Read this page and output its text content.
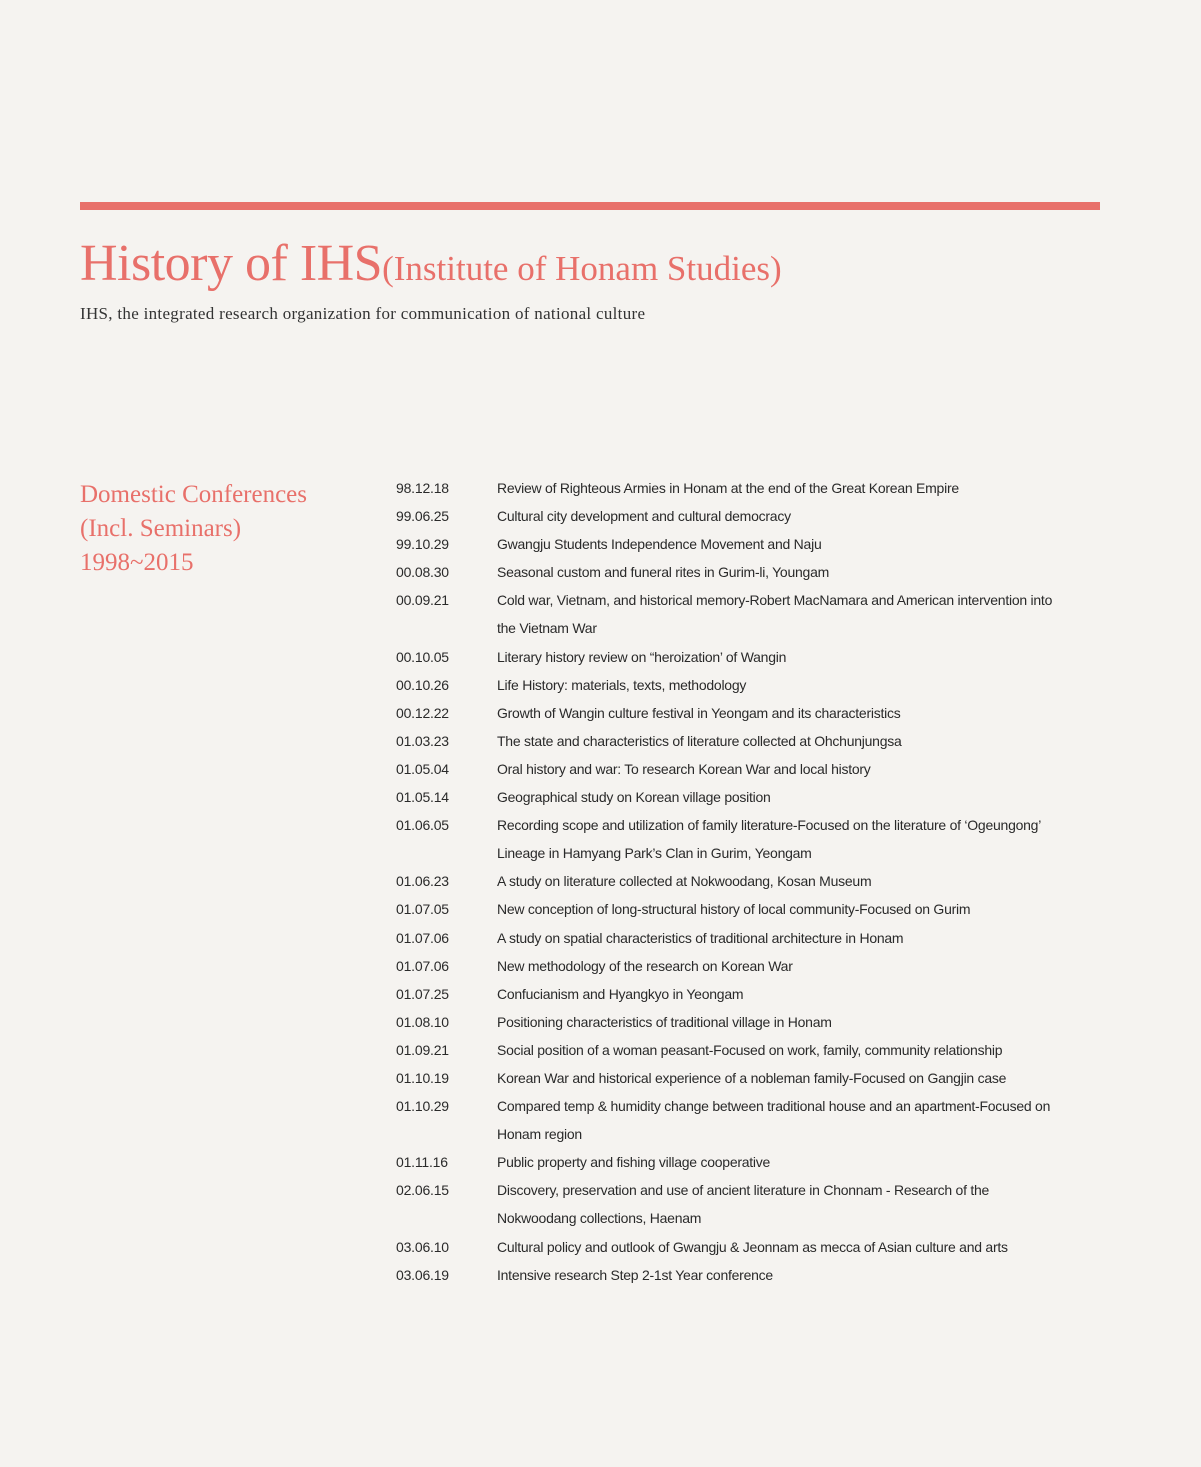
History of IHS(Institute of Honam Studies)

IHS, the integrated research organization for communication of national culture

Domestic Conferences
(Incl. Seminars)
1998~2015
98.12.18	Review of Righteous Armies in Honam at the end of the Great Korean Empire
99.06.25	Cultural city development and cultural democracy
99.10.29	Gwangju Students Independence Movement and Naju
00.08.30	Seasonal custom and funeral rites in Gurim-li, Youngam
00.09.21	Cold war, Vietnam, and historical memory-Robert MacNamara and American intervention into the Vietnam War
00.10.05	Literary history review on “heroization’ of Wangin
00.10.26	Life History: materials, texts, methodology
00.12.22	Growth of Wangin culture festival in Yeongam and its characteristics
01.03.23	The state and characteristics of literature collected at Ohchunjungsa
01.05.04	Oral history and war: To research Korean War and local history
01.05.14	Geographical study on Korean village position
01.06.05	Recording scope and utilization of family literature-Focused on the literature of ‘Ogeungong’ Lineage in Hamyang Park’s Clan in Gurim, Yeongam
01.06.23	A study on literature collected at Nokwoodang, Kosan Museum
01.07.05	New conception of long-structural history of local community-Focused on Gurim
01.07.06	A study on spatial characteristics of traditional architecture in Honam
01.07.06	New methodology of the research on Korean War
01.07.25	Confucianism and Hyangkyo in Yeongam
01.08.10	Positioning characteristics of traditional village in Honam
01.09.21	Social position of a woman peasant-Focused on work, family, community relationship
01.10.19	Korean War and historical experience of a nobleman family-Focused on Gangjin case
01.10.29	Compared temp & humidity change between traditional house and an apartment-Focused on Honam region
01.11.16	Public property and fishing village cooperative
02.06.15	Discovery, preservation and use of ancient literature in Chonnam - Research of the Nokwoodang collections, Haenam
03.06.10	Cultural policy and outlook of Gwangju & Jeonnam as mecca of Asian culture and arts
03.06.19	Intensive research Step 2-1st Year conference
